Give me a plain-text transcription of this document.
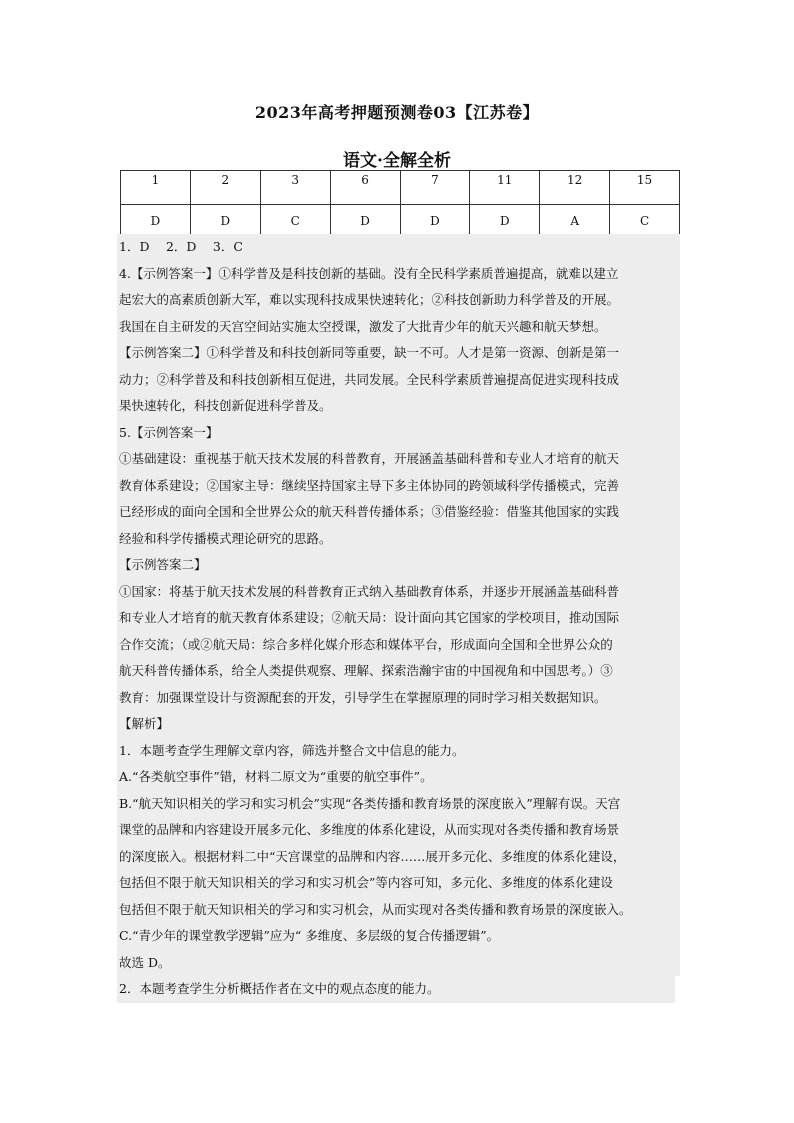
2023年高考押题预测卷03【江苏卷】
语文·全解全析
1	2	3	6	7	11	12	15
D	D	C	D	D	D	A	C
1．D　 2．D　 3．C
4.【示例答案一】①科学普及是科技创新的基础。没有全民科学素质普遍提高，就难以建立
起宏大的高素质创新大军，难以实现科技成果快速转化；②科技创新助力科学普及的开展。
我国在自主研发的天宫空间站实施太空授课，激发了大批青少年的航天兴趣和航天梦想。
【示例答案二】①科学普及和科技创新同等重要，缺一不可。人才是第一资源、创新是第一
动力；②科学普及和科技创新相互促进，共同发展。全民科学素质普遍提高促进实现科技成
果快速转化，科技创新促进科学普及。
5.【示例答案一】
①基础建设：重视基于航天技术发展的科普教育，开展涵盖基础科普和专业人才培育的航天
教育体系建设；②国家主导：继续坚持国家主导下多主体协同的跨领域科学传播模式，完善
已经形成的面向全国和全世界公众的航天科普传播体系；③借鉴经验：借鉴其他国家的实践
经验和科学传播模式理论研究的思路。
【示例答案二】
①国家：将基于航天技术发展的科普教育正式纳入基础教育体系，并逐步开展涵盖基础科普
和专业人才培育的航天教育体系建设；②航天局：设计面向其它国家的学校项目，推动国际
合作交流；（或②航天局：综合多样化媒介形态和媒体平台，形成面向全国和全世界公众的
航天科普传播体系，给全人类提供观察、理解、探索浩瀚宇宙的中国视角和中国思考。）③
教育：加强课堂设计与资源配套的开发，引导学生在掌握原理的同时学习相关数据知识。
【解析】
1．本题考查学生理解文章内容，筛选并整合文中信息的能力。
A.“各类航空事件”错，材料二原文为“重要的航空事件”。
B.“航天知识相关的学习和实习机会”实现“各类传播和教育场景的深度嵌入”理解有误。天宫
课堂的品牌和内容建设开展多元化、多维度的体系化建设，从而实现对各类传播和教育场景
的深度嵌入。根据材料二中“天宫课堂的品牌和内容……展开多元化、多维度的体系化建设，
包括但不限于航天知识相关的学习和实习机会”等内容可知，多元化、多维度的体系化建设
包括但不限于航天知识相关的学习和实习机会，从而实现对各类传播和教育场景的深度嵌入。
C.“青少年的课堂教学逻辑”应为“ 多维度、多层级的复合传播逻辑”。
故选 D。
2．本题考查学生分析概括作者在文中的观点态度的能力。
